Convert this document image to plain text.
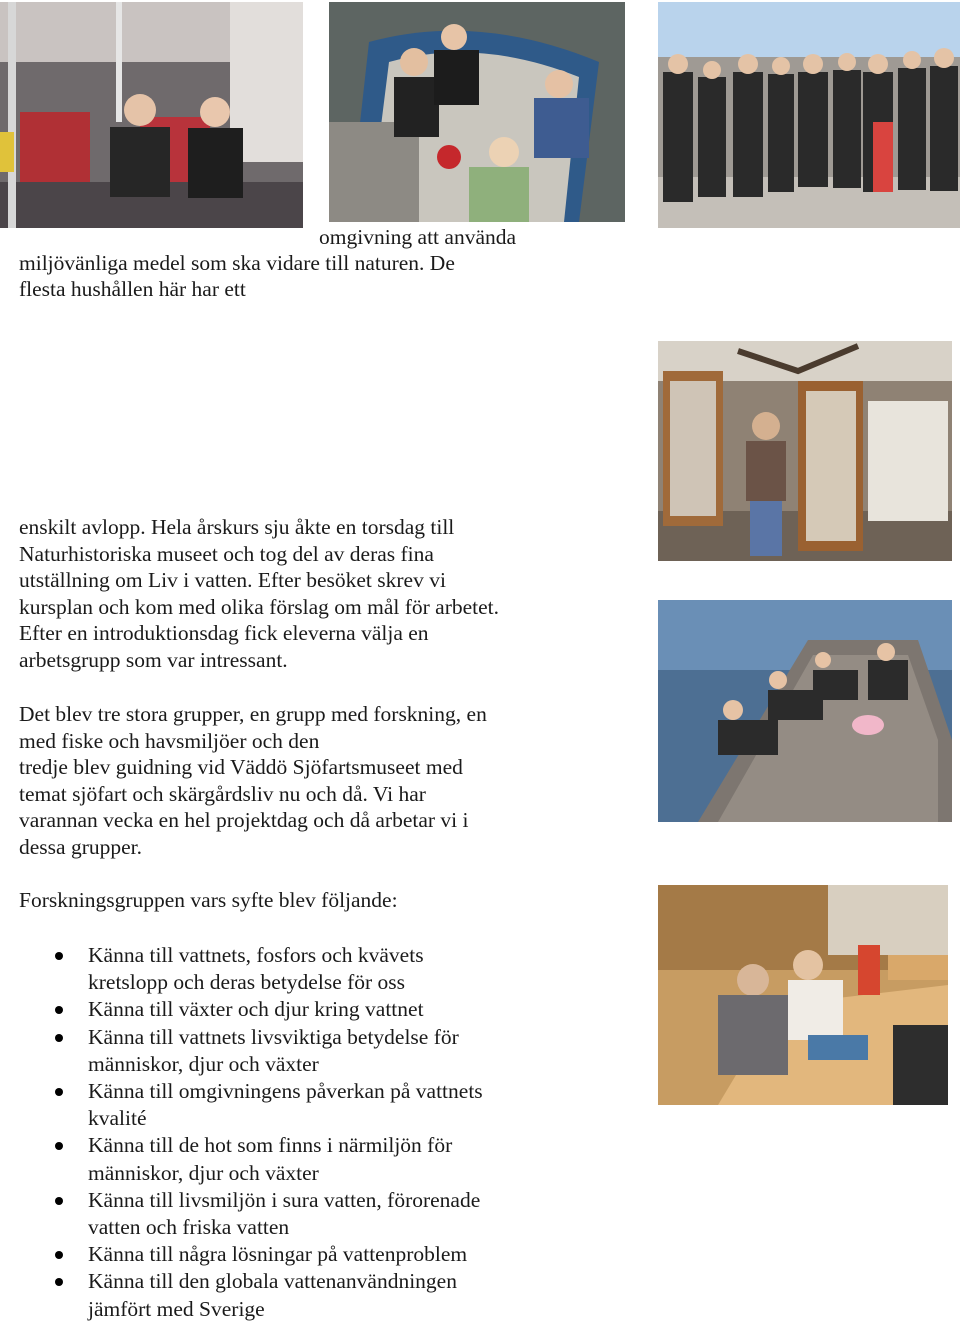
omgivning att använda

miljövänliga medel som ska vidare till naturen. De

flesta hushållen här har ett

enskilt avlopp. Hela årskurs sju åkte en torsdag till
Naturhistoriska museet och tog del av deras fina
utställning om Liv i vatten. Efter besöket skrev vi
kursplan och kom med olika förslag om mål för arbetet.
Efter en introduktionsdag fick eleverna välja en
arbetsgrupp som var intressant.
Det blev tre stora grupper, en grupp med forskning, en
med fiske och havsmiljöer och den
tredje blev guidning vid Väddö Sjöfartsmuseet med
temat sjöfart och skärgårdsliv nu och då. Vi har
varannan vecka en hel projektdag och då arbetar vi i
dessa grupper.

Forskningsgruppen vars syfte blev följande:

Känna till vattnets, fosfors och kvävets
kretslopp och deras betydelse för oss
Känna till växter och djur kring vattnet
Känna till vattnets livsviktiga betydelse för
människor, djur och växter
Känna till omgivningens påverkan på vattnets
kvalité
Känna till de hot som finns i närmiljön för
människor, djur och växter
Känna till livsmiljön i sura vatten, förorenade
vatten och friska vatten
Känna till några lösningar på vattenproblem
Känna till den globala vattenanvändningen
jämfört med Sverige
